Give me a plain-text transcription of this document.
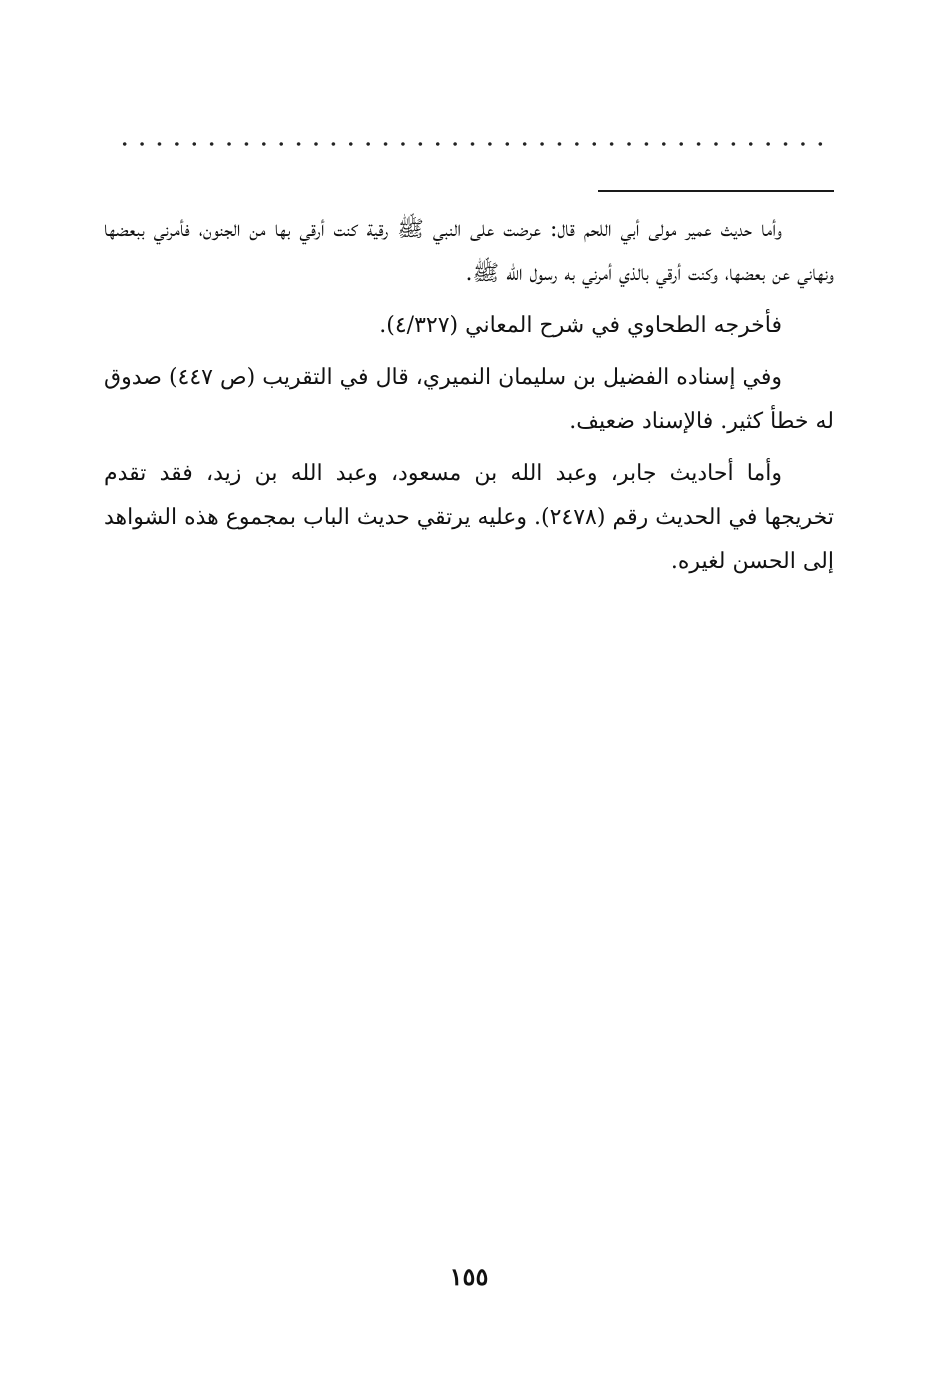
وأما حديث عمير مولى أبي اللحم قال: عرضت على النبي ﷺ رقية كنت أرقي بها من الجنون، فأمرني ببعضها ونهاني عن بعضها، وكنت أرقي بالذي أمرني به رسول الله ﷺ.

فأخرجه الطحاوي في شرح المعاني (٤/٣٢٧).

وفي إسناده الفضيل بن سليمان النميري، قال في التقريب (ص ٤٤٧) صدوق له خطأ كثير. فالإسناد ضعيف.

وأما أحاديث جابر، وعبد الله بن مسعود، وعبد الله بن زيد، فقد تقدم تخريجها في الحديث رقم (٢٤٧٨). وعليه يرتقي حديث الباب بمجموع هذه الشواهد إلى الحسن لغيره.

١٥٥
